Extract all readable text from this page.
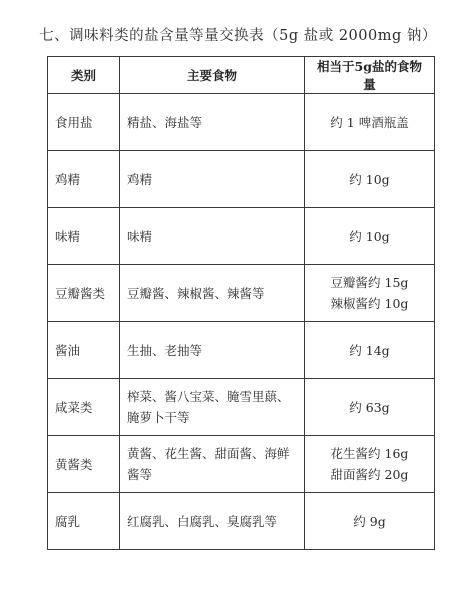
七、调味料类的盐含量等量交换表（5g 盐或 2000mg 钠）
类别	主要食物	相当于5g盐的食物量
食用盐	精盐、海盐等	约 1 啤酒瓶盖

鸡精	鸡精	约 10g

味精	味精	约 10g

豆瓣酱类	豆瓣酱、辣椒酱、辣酱等	豆瓣酱约 15g
辣椒酱约 10g

酱油	生抽、老抽等	约 14g

咸菜类	榨菜、酱八宝菜、腌雪里蕻、腌萝卜干等	约 63g

黄酱类	黄酱、花生酱、甜面酱、海鲜酱等	花生酱约 16g
甜面酱约 20g

腐乳	红腐乳、白腐乳、臭腐乳等	约 9g
